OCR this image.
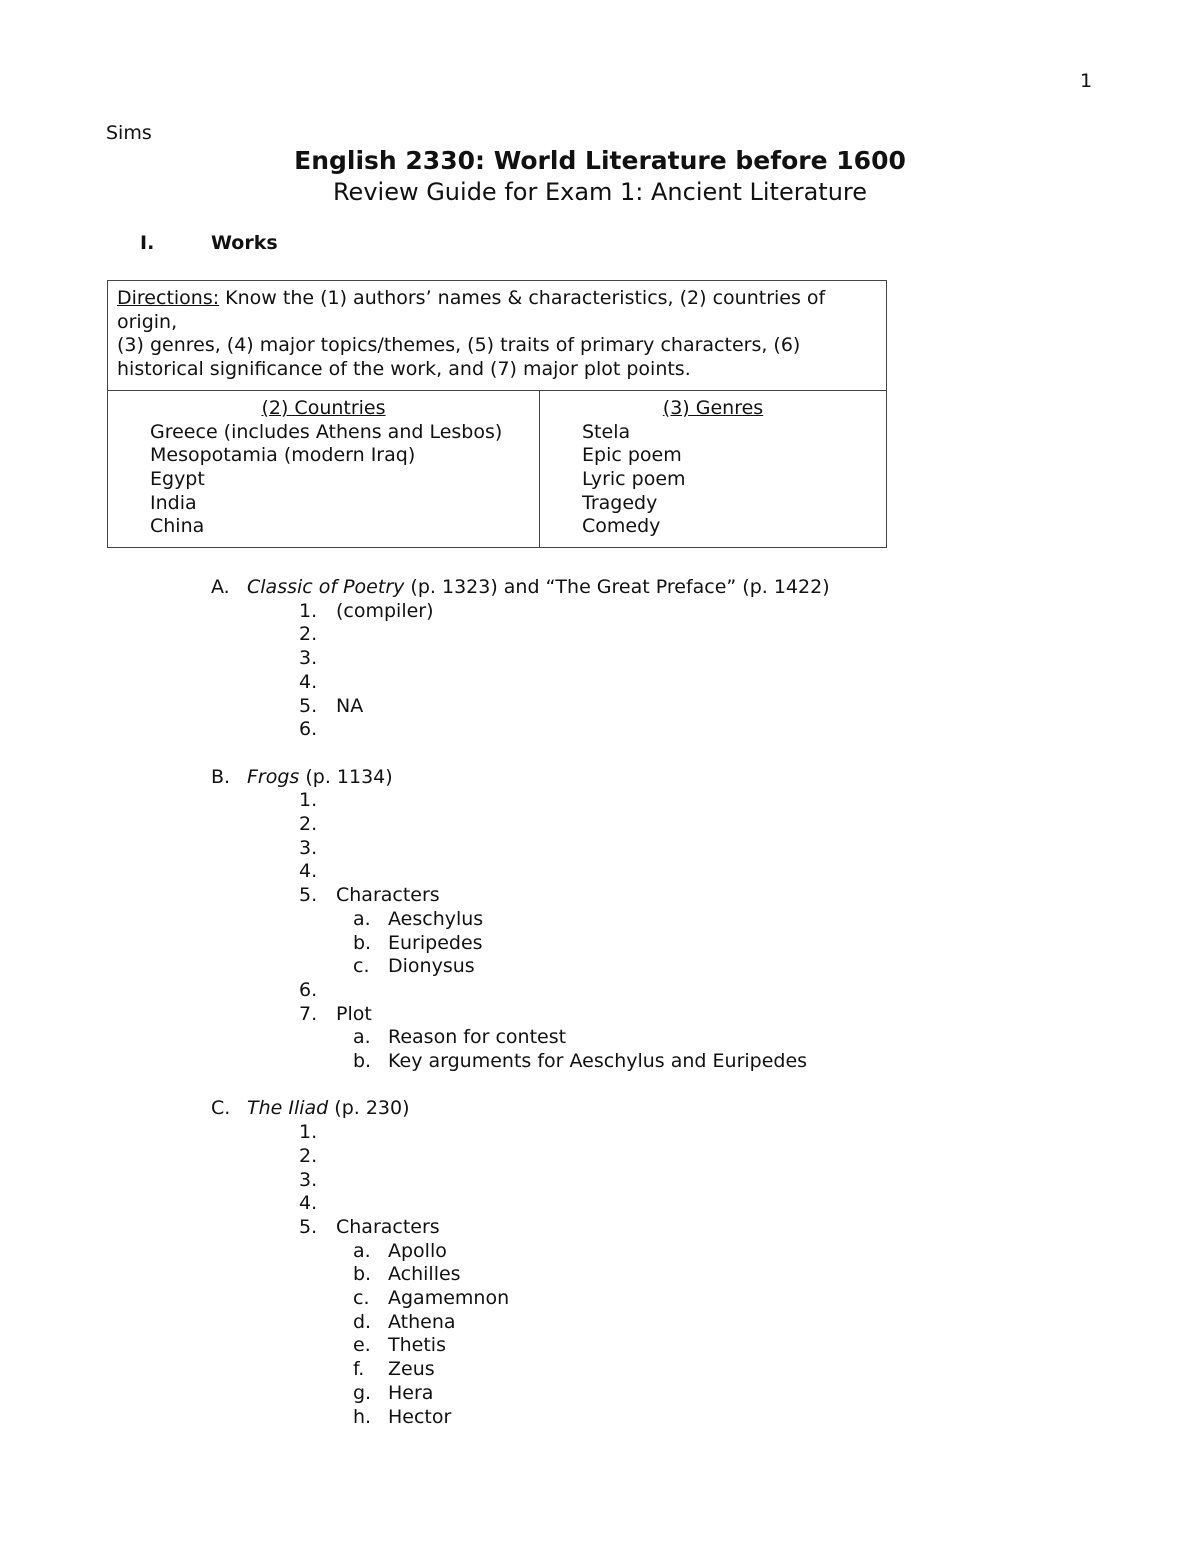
1
Sims
English 2330: World Literature before 1600
Review Guide for Exam 1: Ancient Literature
I.	Works
Directions: Know the (1) authors’ names & characteristics, (2) countries of origin,
(3) genres, (4) major topics/themes, (5) traits of primary characters, (6) historical significance of the work, and (7) major plot points.

(2) Countries
Greece (includes Athens and Lesbos)
Mesopotamia (modern Iraq)
Egypt
India
China

(3) Genres
Stela
Epic poem
Lyric poem
Tragedy
Comedy
A. Classic of Poetry (p. 1323) and “The Great Preface” (p. 1422)
1. (compiler)
2.
3.
4.
5. NA
6.
B. Frogs (p. 1134)
1.
2.
3.
4.
5. Characters
a. Aeschylus
b. Euripedes
c. Dionysus
6.
7. Plot
a. Reason for contest
b. Key arguments for Aeschylus and Euripedes
C. The Iliad (p. 230)
1.
2.
3.
4.
5. Characters
a. Apollo
b. Achilles
c. Agamemnon
d. Athena
e. Thetis
f. Zeus
g. Hera
h. Hector
